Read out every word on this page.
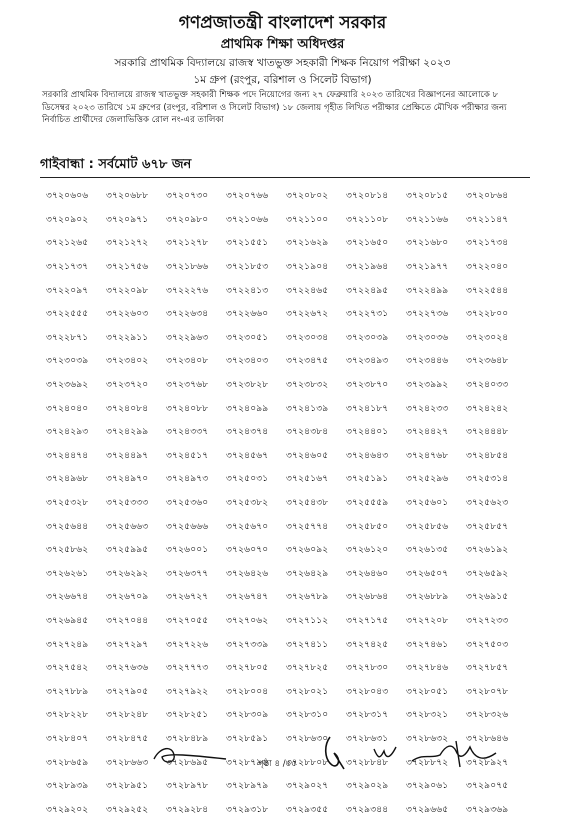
গণপ্রজাতন্ত্রী বাংলাদেশ সরকার
প্রাথমিক শিক্ষা অধিদপ্তর
সরকারি প্রাথমিক বিদ্যালয়ে রাজস্ব খাতভুক্ত সহকারী শিক্ষক নিয়োগ পরীক্ষা ২০২৩
১ম গ্রুপ (রংপুর, বরিশাল ও সিলেট বিভাগ)
সরকারি প্রাথমিক বিদ্যালয়ে রাজস্ব খাতভুক্ত সহকারী শিক্ষক পদে নিয়োগের জন্য ২৭ ফেব্রুয়ারি ২০২৩ তারিখের বিজ্ঞাপনের আলোকে ৮
ডিসেম্বর ২০২৩ তারিখে ১ম গ্রুপের (রংপুর, বরিশাল ও সিলেট বিভাগ) ১৮ জেলায় গৃহীত লিখিত পরীক্ষার প্রেক্ষিতে মৌখিক পরীক্ষার জন্য
নির্বাচিত প্রার্থীদের জেলাভিত্তিক রোল নং-এর তালিকা
গাইবান্ধা : সর্বমোট ৬৭৮ জন
৩৭২০৬০৬	৩৭২০৬৮৮	৩৭২০৭৩০	৩৭২০৭৬৬	৩৭২০৮০২	৩৭২০৮১৪	৩৭২০৮১৫	৩৭২০৮৬৪
৩৭২০৯০২	৩৭২০৯৭১	৩৭২০৯৮০	৩৭২১০৬৬	৩৭২১১০০	৩৭২১১০৮	৩৭২১১৬৬	৩৭২১১৪৭
৩৭২১২৬৫	৩৭২১২৭২	৩৭২১২৭৮	৩৭২১৫৫১	৩৭২১৬২৯	৩৭২১৬৫০	৩৭২১৬৮০	৩৭২১৭৩৪
৩৭২১৭৩৭	৩৭২১৭৫৬	৩৭২১৮৬৬	৩৭২১৮৫৩	৩৭২১৯০৪	৩৭২১৯৬৪	৩৭২১৯৭৭	৩৭২২০৪০
৩৭২২০৯৭	৩৭২২০৯৮	৩৭২২২৭৬	৩৭২২৪১৩	৩৭২২৪৬৫	৩৭২২৪৯৫	৩৭২২৪৯৯	৩৭২২৫৪৪
৩৭২২৫৫৫	৩৭২২৬০৩	৩৭২২৬৩৪	৩৭২২৬৬০	৩৭২২৬৭২	৩৭২২৭৩১	৩৭২২৭৩৬	৩৭২২৮০০
৩৭২২৮৭১	৩৭২২৯১১	৩৭২২৯৬৩	৩৭২৩০৫১	৩৭২৩০৩৪	৩৭২৩০৩৯	৩৭২৩০৩৬	৩৭২৩০২৪
৩৭২৩০৩৯	৩৭২৩৪০২	৩৭২৩৪০৮	৩৭২৩৪০৩	৩৭২৩৪৭৫	৩৭২৩৪৯৩	৩৭২৩৪৪৬	৩৭২৩৬৪৮
৩৭২৩৬৯২	৩৭২৩৭২০	৩৭২৩৭৬৮	৩৭২৩৮২৮	৩৭২৩৮৩২	৩৭২৩৮৭০	৩৭২৩৯৯২	৩৭২৪০৩৩
৩৭২৪০৪০	৩৭২৪০৮৪	৩৭২৪০৮৮	৩৭২৪০৯৯	৩৭২৪১৩৯	৩৭২৪১৮৭	৩৭২৪২৩৩	৩৭২৪২৪২
৩৭২৪২৯৩	৩৭২৪২৯৯	৩৭২৪৩৩৭	৩৭২৪৩৭৪	৩৭২৪৩৮৪	৩৭২৪৪০১	৩৭২৪৪২৭	৩৭২৪৪৪৮
৩৭২৪৪৭৪	৩৭২৪৪৯৭	৩৭২৪৫১৭	৩৭২৪৫৬৭	৩৭২৪৬০৫	৩৭২৪৬৪৩	৩৭২৪৭৬৮	৩৭২৪৮৫৪
৩৭২৪৯৬৮	৩৭২৪৯৭০	৩৭২৪৯৭৩	৩৭২৫০৩১	৩৭২৫১৬৭	৩৭২৫১৯১	৩৭২৫২৯৬	৩৭২৫৩১৪
৩৭২৫৩২৮	৩৭২৫৩৩৩	৩৭২৫৩৬০	৩৭২৫৩৮২	৩৭২৫৪৩৮	৩৭২৫৫৫৯	৩৭২৫৬০১	৩৭২৫৬২৩
৩৭২৫৬৪৪	৩৭২৫৬৬৩	৩৭২৫৬৬৬	৩৭২৫৬৭০	৩৭২৫৭৭৪	৩৭২৫৮৫০	৩৭২৫৮৫৬	৩৭২৫৮৫৭
৩৭২৫৮৬২	৩৭২৫৯৯৫	৩৭২৬০০১	৩৭২৬০৭০	৩৭২৬০৯২	৩৭২৬১২০	৩৭২৬১৩৫	৩৭২৬১৯২
৩৭২৬২৬১	৩৭২৬২৯২	৩৭২৬৩৭৭	৩৭২৬৪২৬	৩৭২৬৪২৯	৩৭২৬৪৬০	৩৭২৬৫০৭	৩৭২৬৫৯২
৩৭২৬৬৭৪	৩৭২৬৭০৯	৩৭২৬৭২৭	৩৭২৬৭৪৭	৩৭২৬৭৮৯	৩৭২৬৮৬৪	৩৭২৬৮৮৯	৩৭২৬৯১৫
৩৭২৬৯৪৫	৩৭২৭০৪৪	৩৭২৭০৫৫	৩৭২৭০৬২	৩৭২৭১১২	৩৭২৭১৭৫	৩৭২৭২০৮	৩৭২৭২৩৩
৩৭২৭২৪৯	৩৭২৭২৯৭	৩৭২৭২২৬	৩৭২৭৩৩৯	৩৭২৭৪১১	৩৭২৭৪২৫	৩৭২৭৪৬১	৩৭২৭৫০৩
৩৭২৭৫৪২	৩৭২৭৬৩৬	৩৭২৭৭৭৩	৩৭২৭৮০৫	৩৭২৭৮২৫	৩৭২৭৮৩০	৩৭২৭৮৪৬	৩৭২৭৮৫৭
৩৭২৭৮৮৯	৩৭২৭৯০৫	৩৭২৭৯২২	৩৭২৮০০৪	৩৭২৮০২১	৩৭২৮০৪৩	৩৭২৮০৫১	৩৭২৮০৭৮
৩৭২৮২২৮	৩৭২৮২৪৮	৩৭২৮২৫১	৩৭২৮৩০৯	৩৭২৮৩১০	৩৭২৮৩১৭	৩৭২৮৩২১	৩৭২৮৩২৬
৩৭২৮৪০৭	৩৭২৮৪৭৫	৩৭২৮৪৮৯	৩৭২৮৫৯১	৩৭২৮৬৩০	৩৭২৮৬৩১	৩৭২৮৬৩২	৩৭২৮৬৪৬
৩৭২৮৬৫৯	৩৭২৮৬৬৩	৩৭২৮৬৯৫	৩৭২৮৭৯৬	৩৭২৮৮০৮	৩৭২৮৮৪৮	৩৭২৮৮৭২	৩৭২৮৯২৭
৩৭২৮৯৩৯	৩৭২৮৯৫১	৩৭২৮৯৭৮	৩৭২৮৯৭৯	৩৭২৯০২৭	৩৭২৯০২৯	৩৭২৯০৬১	৩৭২৯০৭৫
৩৭২৯২০২	৩৭২৯২৫২	৩৭২৯২৮৪	৩৭২৯৩১৮	৩৭২৯৩৫৫	৩৭২৯৩৪৪	৩৭২৯৬৬৫	৩৭২৯৩৬৯
পৃষ্ঠা ৪ /৫৫
